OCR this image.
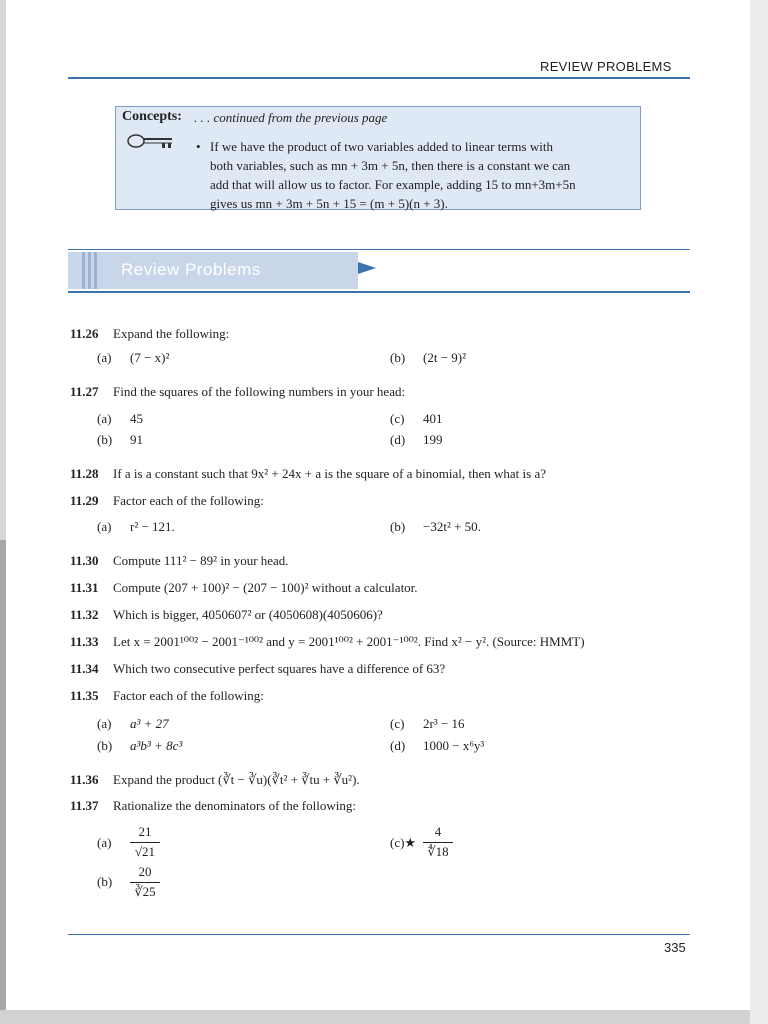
REVIEW PROBLEMS
Concepts: . . . continued from the previous page
• If we have the product of two variables added to linear terms with
both variables, such as mn + 3m + 5n, then there is a constant we can
add that will allow us to factor. For example, adding 15 to mn+3m+5n
gives us mn + 3m + 5n + 15 = (m + 5)(n + 3).
Review Problems
11.26 Expand the following:
(a) (7 − x)²	(b) (2t − 9)²
11.27 Find the squares of the following numbers in your head:
(a) 45	(c) 401
(b) 91	(d) 199
11.28 If a is a constant such that 9x² + 24x + a is the square of a binomial, then what is a?
11.29 Factor each of the following:
(a) r² − 121.	(b) −32t² + 50.
11.30 Compute 111² − 89² in your head.
11.31 Compute (207 + 100)² − (207 − 100)² without a calculator.
11.32 Which is bigger, 4050607² or (4050608)(4050606)?
11.33 Let x = 2001¹⁰⁰² − 2001⁻¹⁰⁰² and y = 2001¹⁰⁰² + 2001⁻¹⁰⁰². Find x² − y². (Source: HMMT)
11.34 Which two consecutive perfect squares have a difference of 63?
11.35 Factor each of the following:
(a) a³ + 27	(c) 2r³ − 16
(b) a³b³ + 8c³	(d) 1000 − x⁶y³
11.36 Expand the product (∛t − ∛u)(∛t² + ∛tu + ∛u²).
11.37 Rationalize the denominators of the following:
(a)
21
√21
(b)
20
∛25
(c)★
4
∜18
335
